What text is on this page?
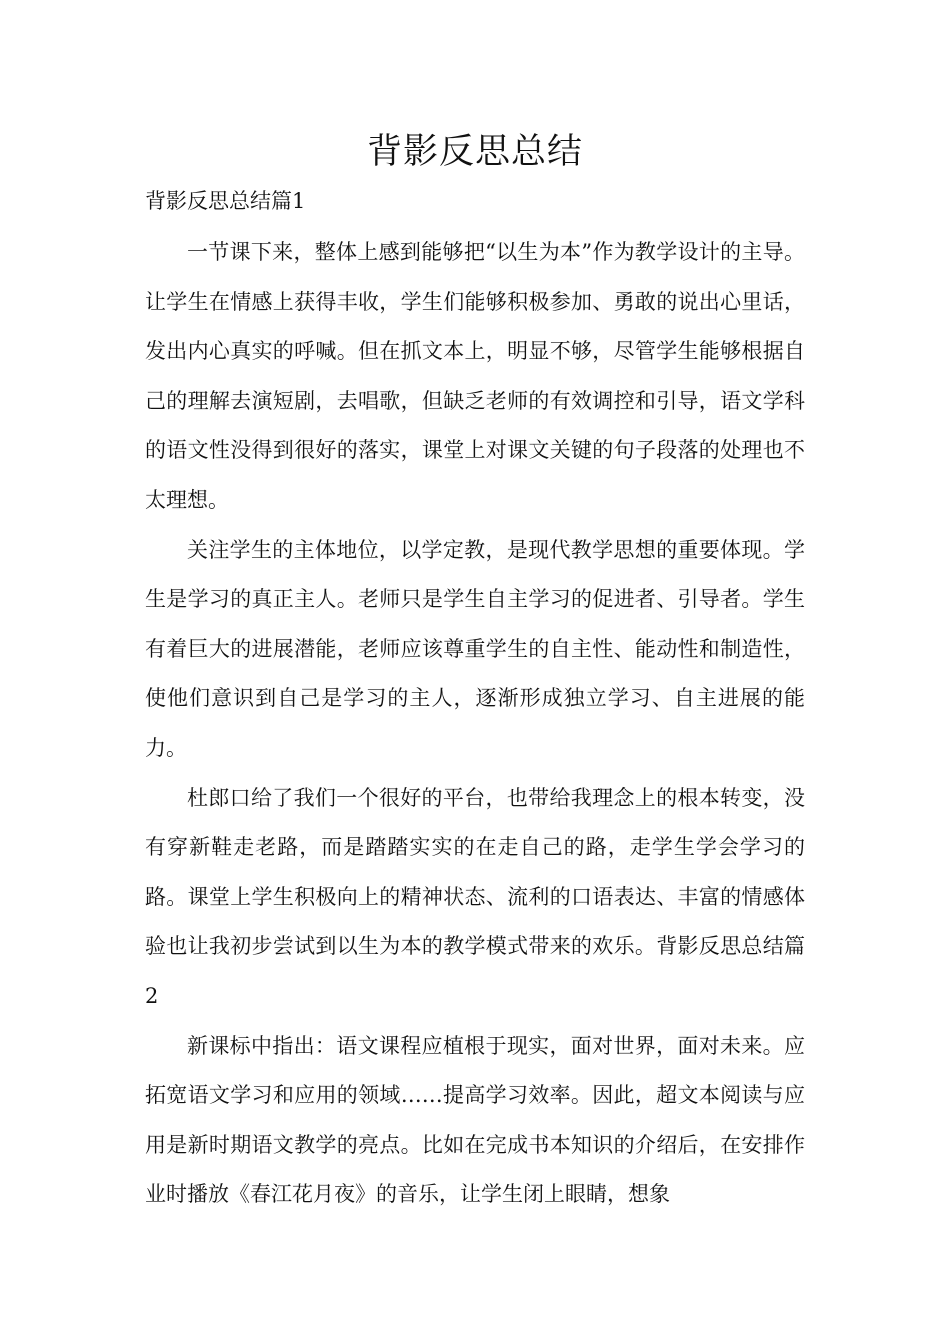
背影反思总结
背影反思总结篇1

一节课下来，整体上感到能够把“以生为本”作为教学设计的主导。让学生在情感上获得丰收，学生们能够积极参加、勇敢的说出心里话，发出内心真实的呼喊。但在抓文本上，明显不够，尽管学生能够根据自己的理解去演短剧，去唱歌，但缺乏老师的有效调控和引导，语文学科的语文性没得到很好的落实，课堂上对课文关键的句子段落的处理也不太理想。

关注学生的主体地位，以学定教，是现代教学思想的重要体现。学生是学习的真正主人。老师只是学生自主学习的促进者、引导者。学生有着巨大的进展潜能，老师应该尊重学生的自主性、能动性和制造性，使他们意识到自己是学习的主人，逐渐形成独立学习、自主进展的能力。

杜郎口给了我们一个很好的平台，也带给我理念上的根本转变，没有穿新鞋走老路，而是踏踏实实的在走自己的路，走学生学会学习的路。课堂上学生积极向上的精神状态、流利的口语表达、丰富的情感体验也让我初步尝试到以生为本的教学模式带来的欢乐。背影反思总结篇2

新课标中指出：语文课程应植根于现实，面对世界，面对未来。应拓宽语文学习和应用的领域……提高学习效率。因此，超文本阅读与应用是新时期语文教学的亮点。比如在完成书本知识的介绍后，在安排作业时播放《春江花月夜》的音乐，让学生闭上眼睛，想象
